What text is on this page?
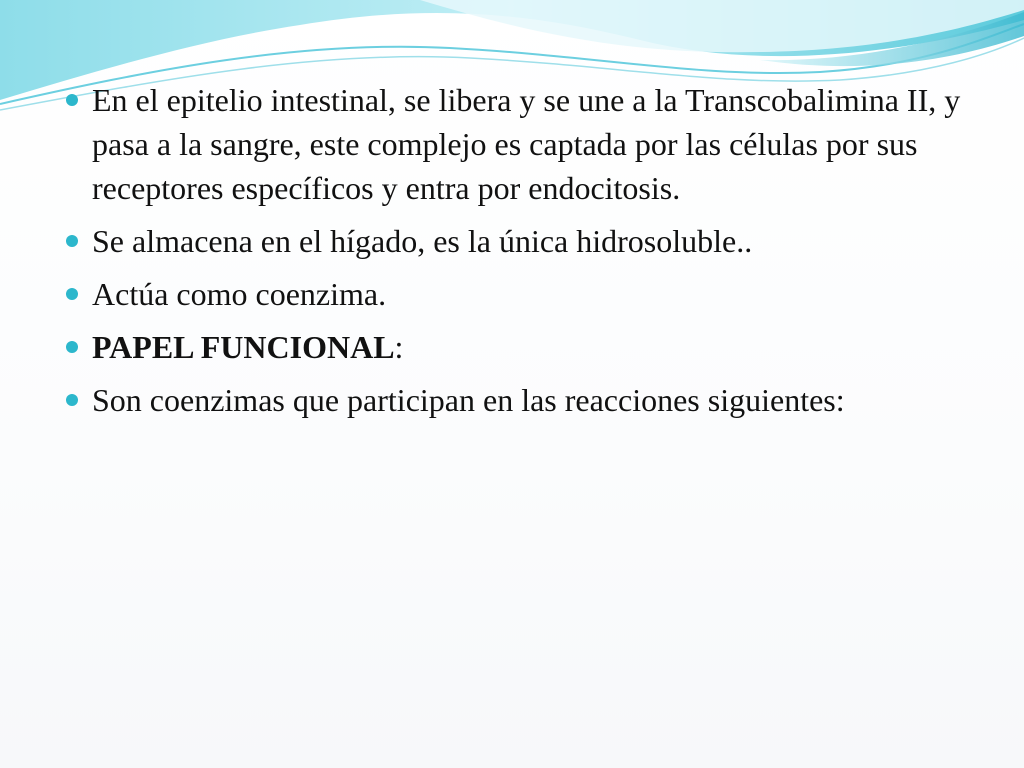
En el epitelio intestinal, se libera y se une a la Transcobalimina II, y pasa a la sangre, este complejo es captada por las células por sus receptores específicos y entra por endocitosis.
Se almacena en el hígado, es la única hidrosoluble..
Actúa como coenzima.
PAPEL FUNCIONAL:
Son coenzimas que participan en las reacciones siguientes:
